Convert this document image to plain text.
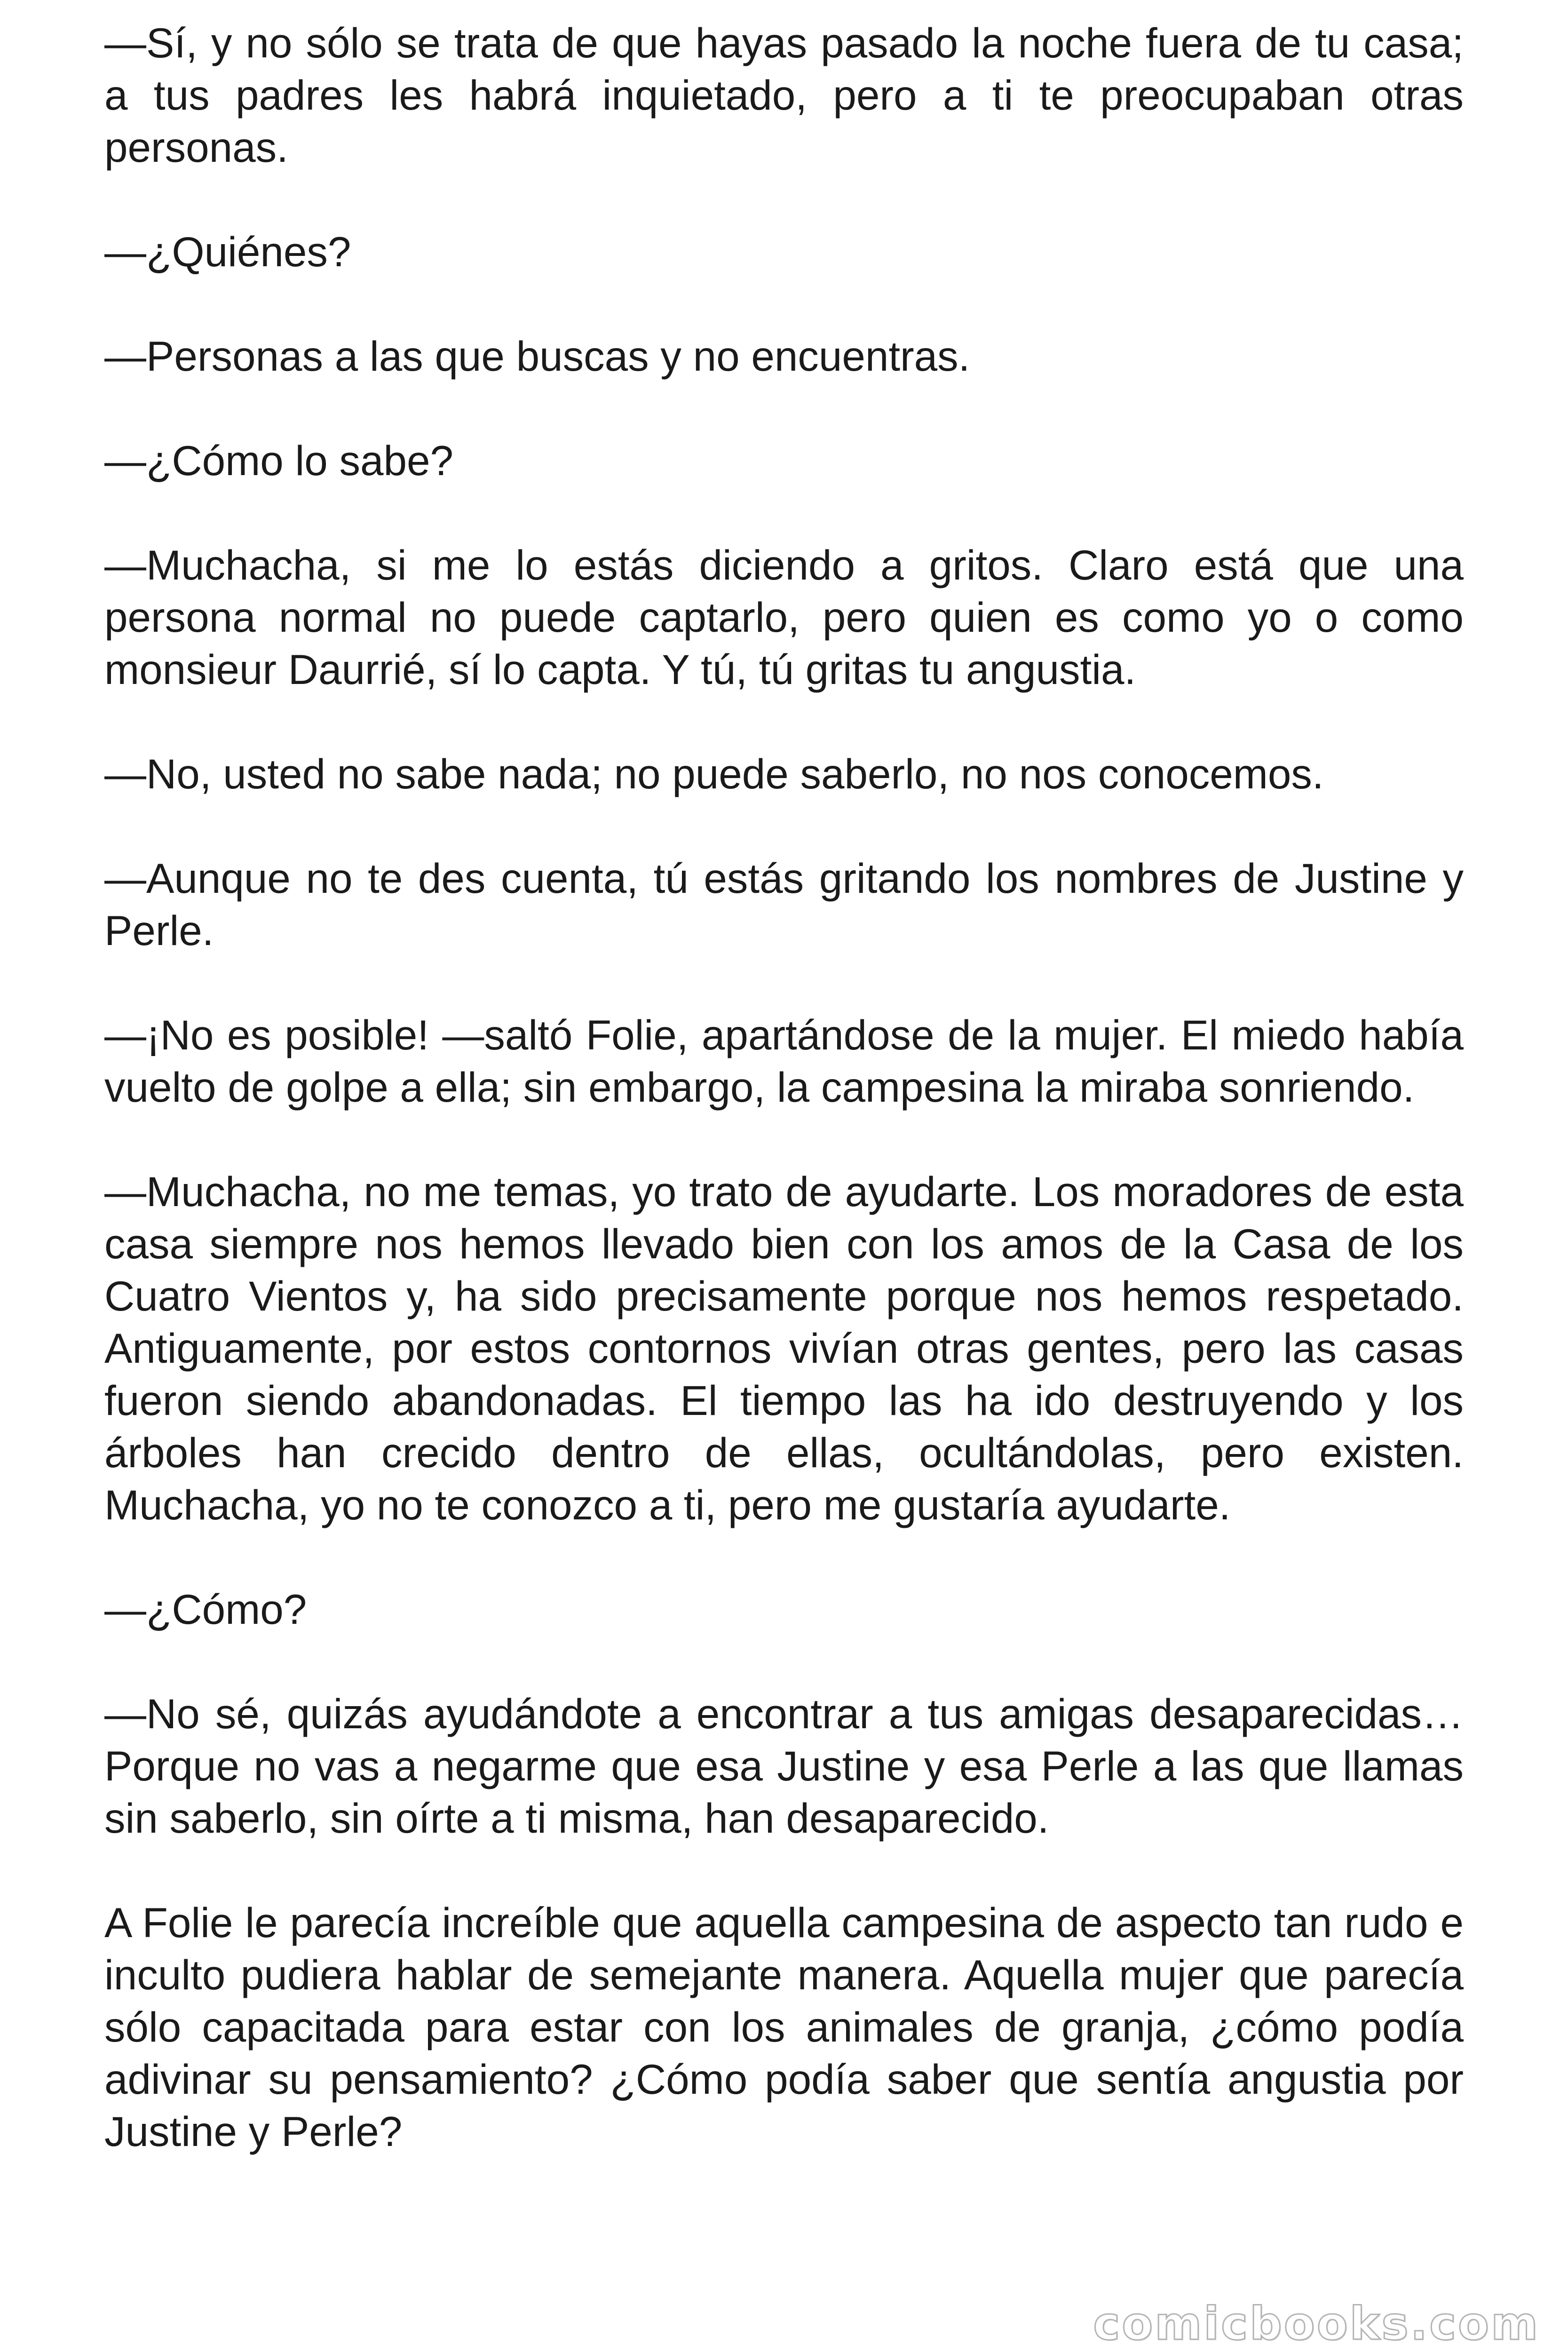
—Sí, y no sólo se trata de que hayas pasado la noche fuera de tu casa; a tus padres les habrá inquietado, pero a ti te preocupaban otras personas.

—¿Quiénes?

—Personas a las que buscas y no encuentras.

—¿Cómo lo sabe?

—Muchacha, si me lo estás diciendo a gritos. Claro está que una persona normal no puede captarlo, pero quien es como yo o como monsieur Daurrié, sí lo capta. Y tú, tú gritas tu angustia.

—No, usted no sabe nada; no puede saberlo, no nos conocemos.

—Aunque no te des cuenta, tú estás gritando los nombres de Justine y Perle.

—¡No es posible! —saltó Folie, apartándose de la mujer. El miedo había vuelto de golpe a ella; sin embargo, la campesina la miraba sonriendo.

—Muchacha, no me temas, yo trato de ayudarte. Los moradores de esta casa siempre nos hemos llevado bien con los amos de la Casa de los Cuatro Vientos y, ha sido precisamente porque nos hemos respetado. Antiguamente, por estos contornos vivían otras gentes, pero las casas fueron siendo abandonadas. El tiempo las ha ido destruyendo y los árboles han crecido dentro de ellas, ocultándolas, pero existen. Muchacha, yo no te conozco a ti, pero me gustaría ayudarte.

—¿Cómo?

—No sé, quizás ayudándote a encontrar a tus amigas desaparecidas… Porque no vas a negarme que esa Justine y esa Perle a las que llamas sin saberlo, sin oírte a ti misma, han desaparecido.

A Folie le parecía increíble que aquella campesina de aspecto tan rudo e inculto pudiera hablar de semejante manera. Aquella mujer que parecía sólo capacitada para estar con los animales de granja, ¿cómo podía adivinar su pensamiento? ¿Cómo podía saber que sentía angustia por Justine y Perle?

comicbooks.com
